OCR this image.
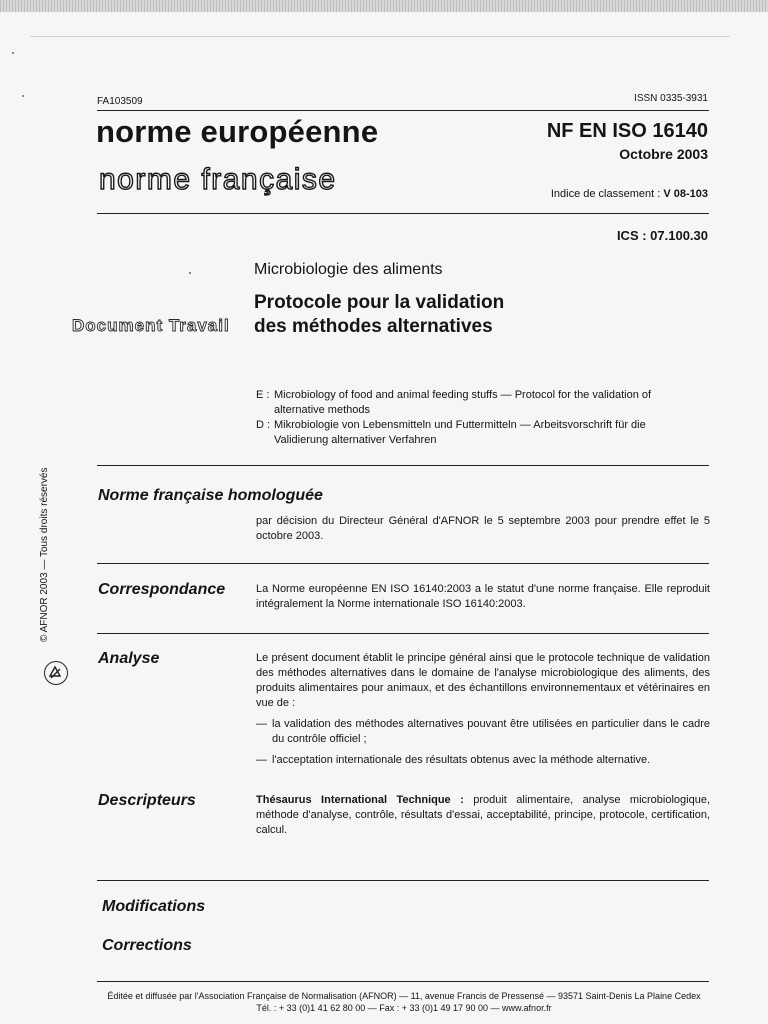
FA103509	ISSN 0335-3931
norme européenne
norme française
NF EN ISO 16140
Octobre 2003
Indice de classement : V 08-103
ICS : 07.100.30
Microbiologie des aliments
Protocole pour la validation
des méthodes alternatives
Document Travail
E : Microbiology of food and animal feeding stuffs — Protocol for the validation of alternative methods
D : Mikrobiologie von Lebensmitteln und Futtermitteln — Arbeitsvorschrift für die Validierung alternativer Verfahren
Norme française homologuée
par décision du Directeur Général d'AFNOR le 5 septembre 2003 pour prendre effet le 5 octobre 2003.
Correspondance	La Norme européenne EN ISO 16140:2003 a le statut d'une norme française. Elle reproduit intégralement la Norme internationale ISO 16140:2003.
Analyse	Le présent document établit le principe général ainsi que le protocole technique de validation des méthodes alternatives dans le domaine de l'analyse microbiologique des aliments, des produits alimentaires pour animaux, et des échantillons environnementaux et vétérinaires en vue de :

— la validation des méthodes alternatives pouvant être utilisées en particulier dans le cadre du contrôle officiel ;
— l'acceptation internationale des résultats obtenus avec la méthode alternative.
Descripteurs	Thésaurus International Technique : produit alimentaire, analyse microbiologique, méthode d'analyse, contrôle, résultats d'essai, acceptabilité, principe, protocole, certification, calcul.
Modifications
Corrections
© AFNOR 2003 — Tous droits réservés
Éditée et diffusée par l'Association Française de Normalisation (AFNOR) — 11, avenue Francis de Pressensé — 93571 Saint-Denis La Plaine Cedex
Tél. : + 33 (0)1 41 62 80 00 — Fax : + 33 (0)1 49 17 90 00 — www.afnor.fr
